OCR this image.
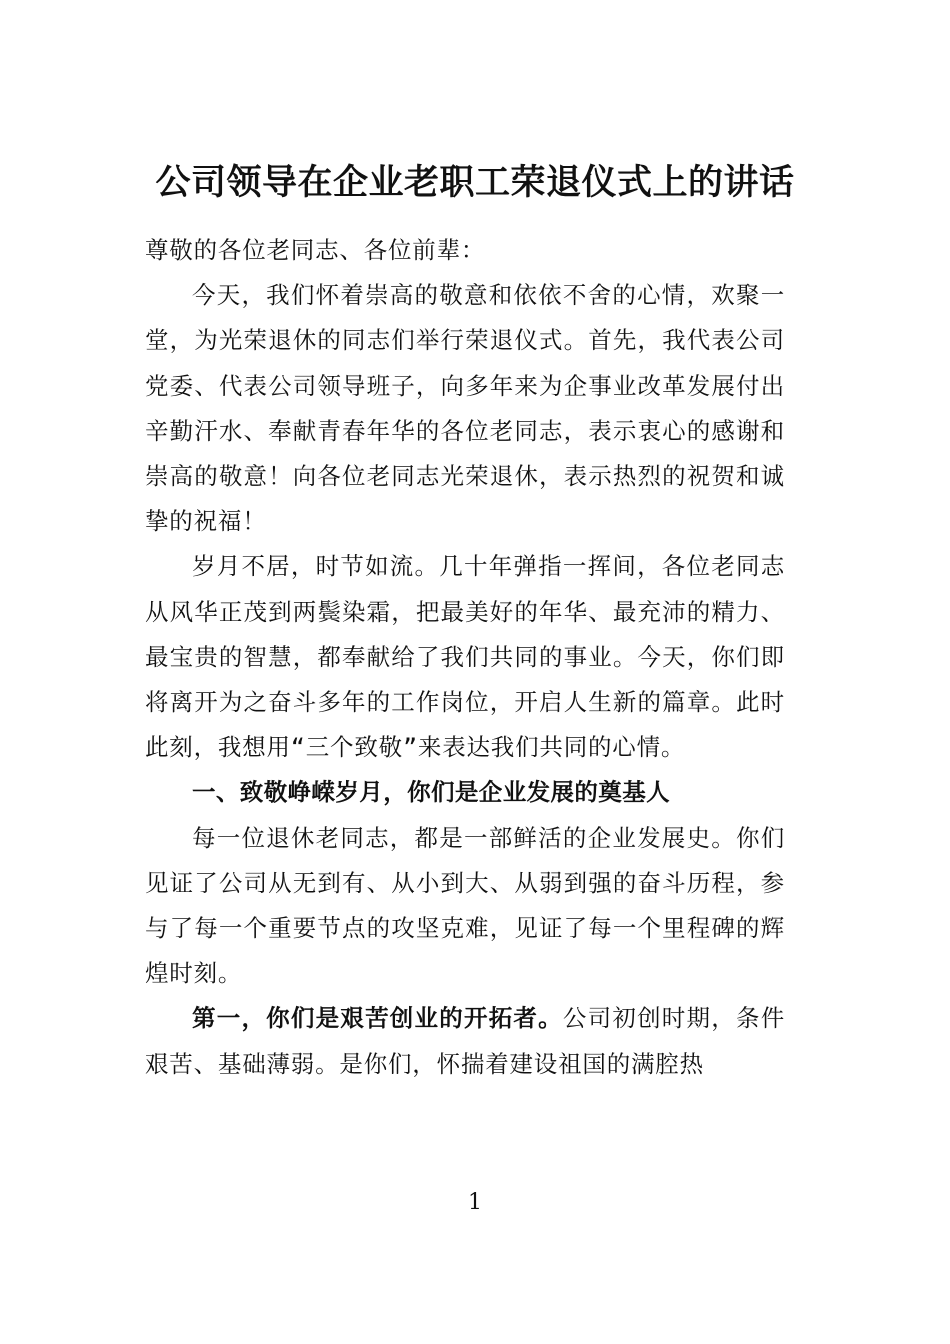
公司领导在企业老职工荣退仪式上的讲话

尊敬的各位老同志、各位前辈：

今天，我们怀着崇高的敬意和依依不舍的心情，欢聚一堂，为光荣退休的同志们举行荣退仪式。首先，我代表公司党委、代表公司领导班子，向多年来为企事业改革发展付出辛勤汗水、奉献青春年华的各位老同志，表示衷心的感谢和崇高的敬意！向各位老同志光荣退休，表示热烈的祝贺和诚挚的祝福！

岁月不居，时节如流。几十年弹指一挥间，各位老同志从风华正茂到两鬓染霜，把最美好的年华、最充沛的精力、最宝贵的智慧，都奉献给了我们共同的事业。今天，你们即将离开为之奋斗多年的工作岗位，开启人生新的篇章。此时此刻，我想用“三个致敬”来表达我们共同的心情。

一、致敬峥嵘岁月，你们是企业发展的奠基人

每一位退休老同志，都是一部鲜活的企业发展史。你们见证了公司从无到有、从小到大、从弱到强的奋斗历程，参与了每一个重要节点的攻坚克难，见证了每一个里程碑的辉煌时刻。

第一，你们是艰苦创业的开拓者。公司初创时期，条件艰苦、基础薄弱。是你们，怀揣着建设祖国的满腔热

1
